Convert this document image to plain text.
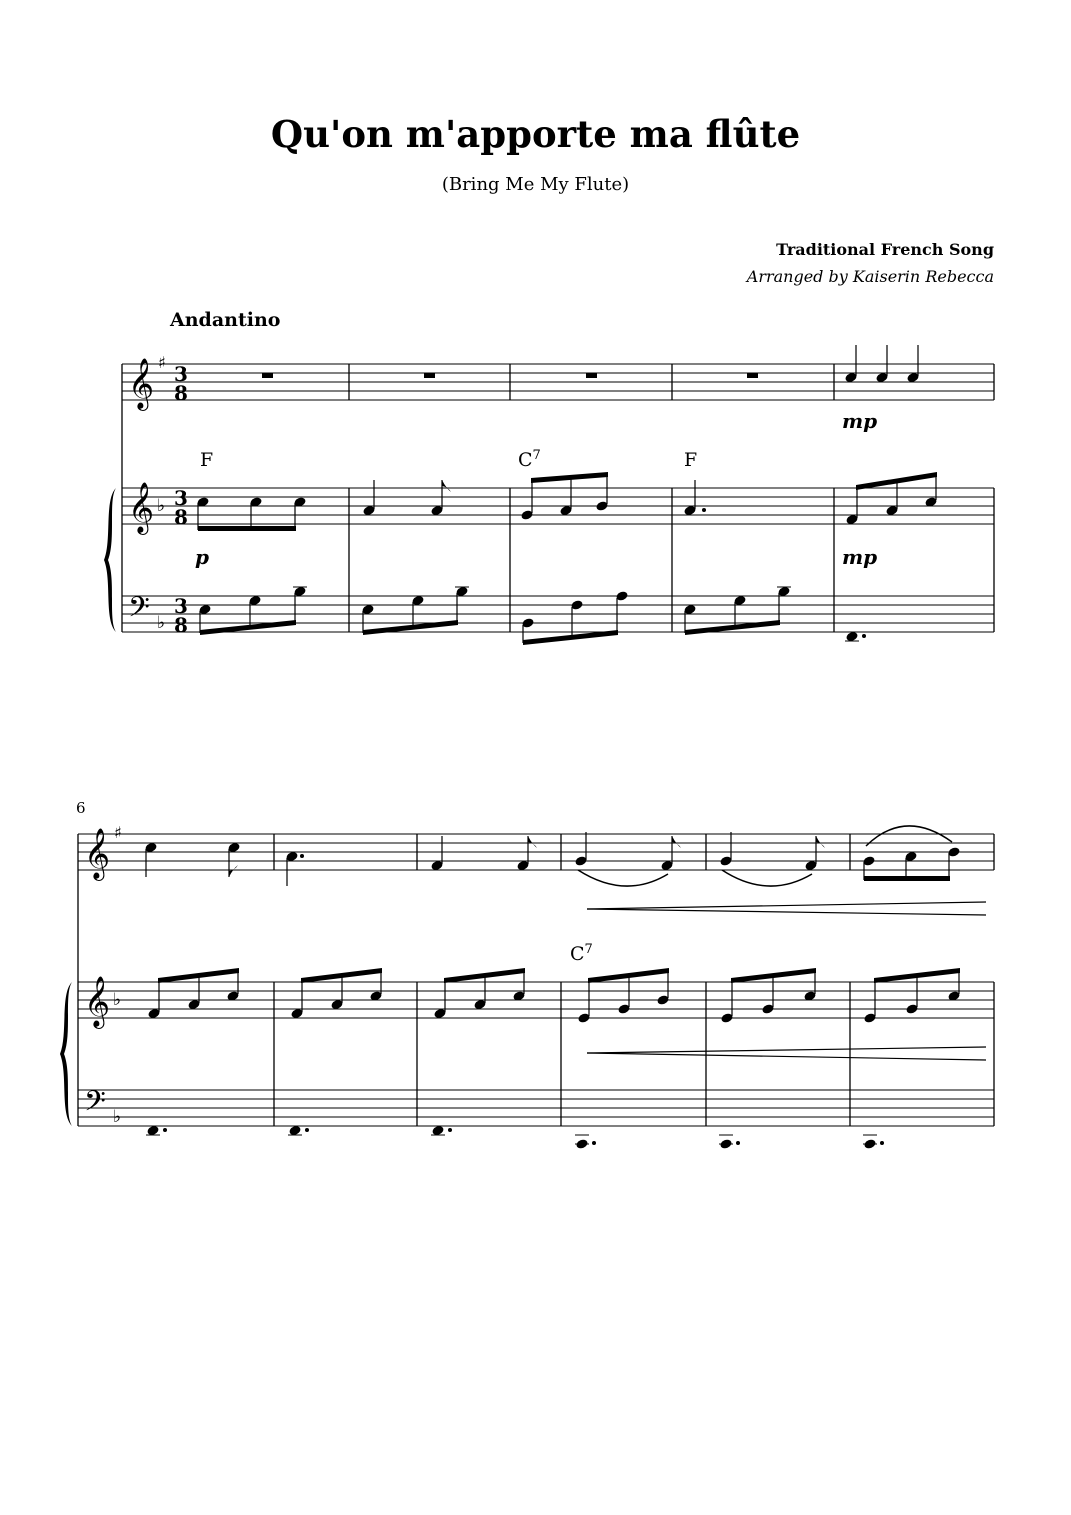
Qu'on m'apporte ma flûte
(Bring Me My Flute)
Traditional French Song
Arranged by Kaiserin Rebecca
Andantino
𝄞
𝄞
𝄢
♯
♭
♭
3
8
3
8
3
8
F	$C^7$	F
mp
p	mp
6
𝄞
𝄞
𝄢
♯
♭
♭
$C^7$
